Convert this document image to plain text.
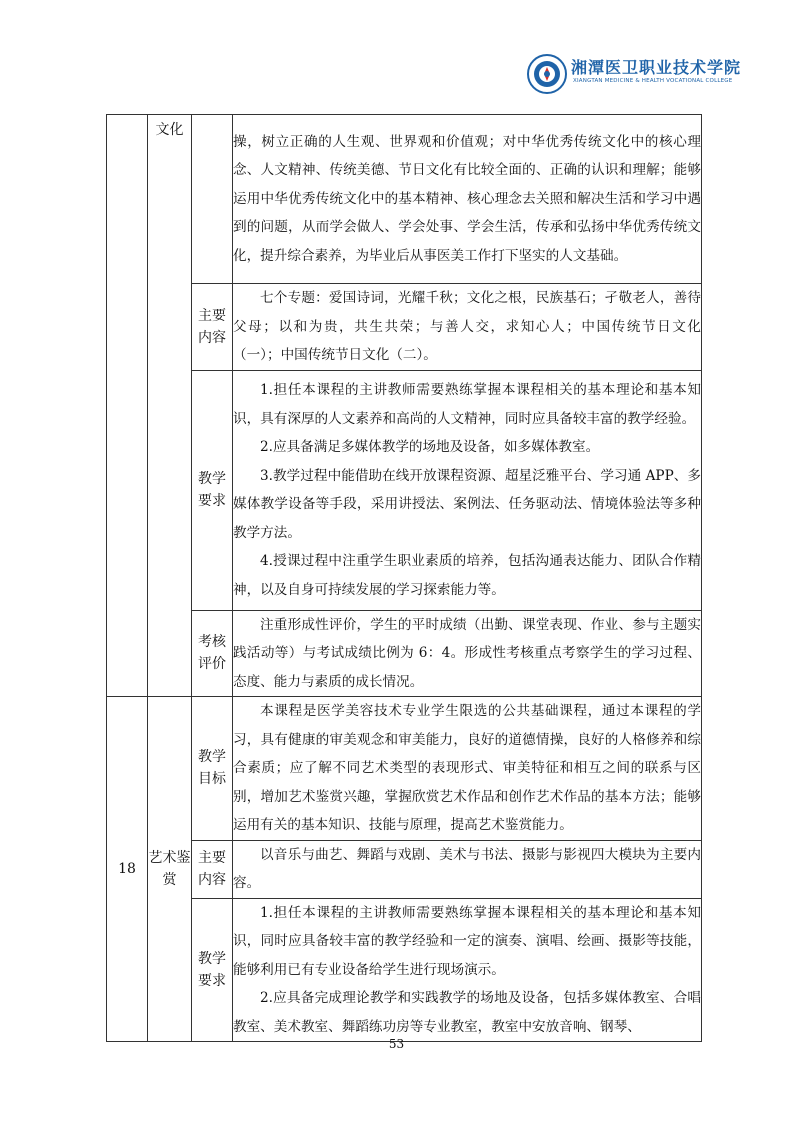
湘潭医卫职业技术学院
XIANGTAN MEDICINE & HEALTH VOCATIONAL COLLEGE
	文化		操，树立正确的人生观、世界观和价值观；对中华优秀传统文化中的核心理念、人文精神、传统美德、节日文化有比较全面的、正确的认识和理解；能够运用中华优秀传统文化中的基本精神、核心理念去关照和解决生活和学习中遇到的问题，从而学会做人、学会处事、学会生活，传承和弘扬中华优秀传统文化，提升综合素养，为毕业后从事医美工作打下坚实的人文基础。

		主要内容	七个专题：爱国诗词，光耀千秋；文化之根，民族基石；孑敬老人，善待父母；以和为贵，共生共荣；与善人交，求知心人；中国传统节日文化（一）；中国传统节日文化（二）。

		教学要求	1.担任本课程的主讲教师需要熟练掌握本课程相关的基本理论和基本知识，具有深厚的人文素养和高尚的人文精神，同时应具备较丰富的教学经验。

2.应具备满足多媒体教学的场地及设备，如多媒体教室。

3.教学过程中能借助在线开放课程资源、超星泛雅平台、学习通 APP、多媒体教学设备等手段，采用讲授法、案例法、任务驱动法、情境体验法等多种教学方法。

4.授课过程中注重学生职业素质的培养，包括沟通表达能力、团队合作精神，以及自身可持续发展的学习探索能力等。

		考核评价	注重形成性评价，学生的平时成绩（出勤、课堂表现、作业、参与主题实践活动等）与考试成绩比例为 6：4。形成性考核重点考察学生的学习过程、态度、能力与素质的成长情况。

18	艺术鉴赏	教学目标	本课程是医学美容技术专业学生限选的公共基础课程，通过本课程的学习，具有健康的审美观念和审美能力，良好的道德情操，良好的人格修养和综合素质；应了解不同艺术类型的表现形式、审美特征和相互之间的联系与区别，增加艺术鉴赏兴趣，掌握欣赏艺术作品和创作艺术作品的基本方法；能够运用有关的基本知识、技能与原理，提高艺术鉴赏能力。

		主要内容	以音乐与曲艺、舞蹈与戏剧、美术与书法、摄影与影视四大模块为主要内容。

		教学要求	1.担任本课程的主讲教师需要熟练掌握本课程相关的基本理论和基本知识，同时应具备较丰富的教学经验和一定的演奏、演唱、绘画、摄影等技能，能够利用已有专业设备给学生进行现场演示。

2.应具备完成理论教学和实践教学的场地及设备，包括多媒体教室、合唱教室、美术教室、舞蹈练功房等专业教室，教室中安放音响、钢琴、

53
